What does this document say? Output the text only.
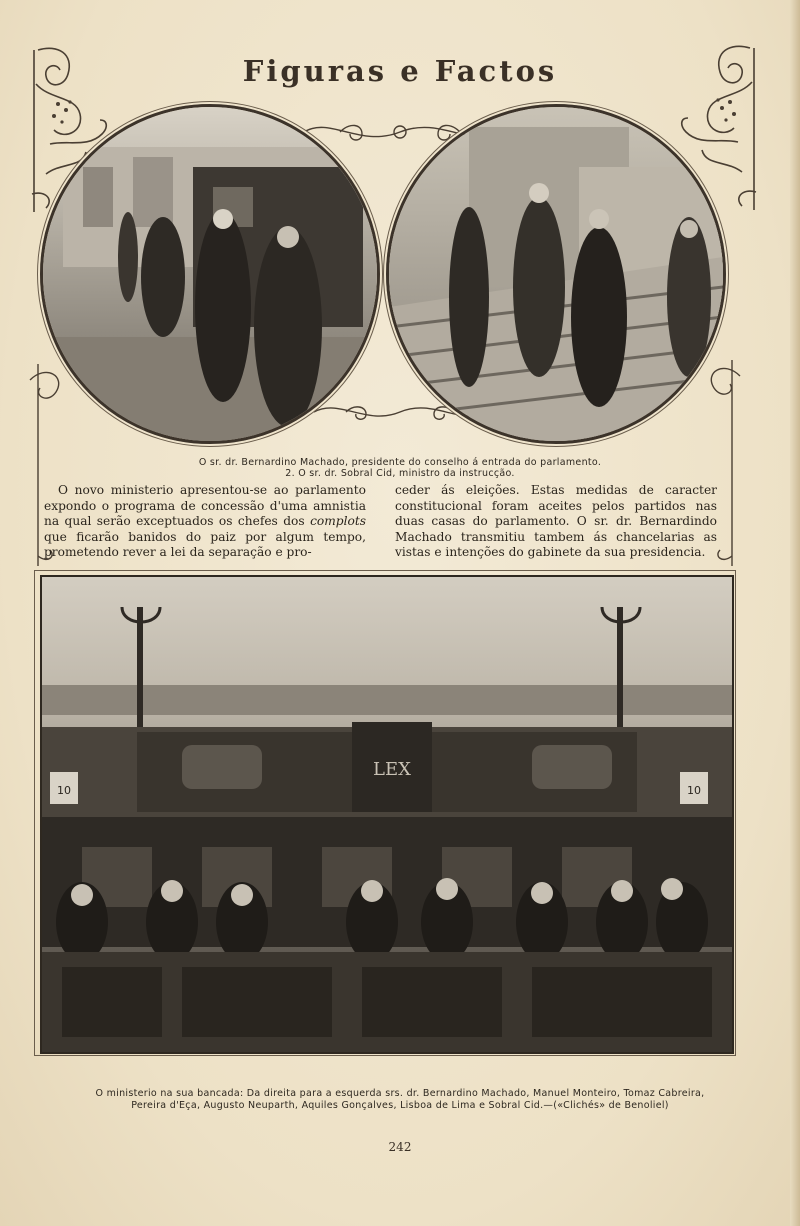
Figuras e Factos
O sr. dr. Bernardino Machado, presidente do conselho á entrada do parlamento.
2. O sr. dr. Sobral Cid, ministro da instrucção.

O novo ministerio apresentou-se ao parlamento expondo o programa de concessão d'uma amnistia na qual serão exceptuados os chefes dos complots que ficarão banidos do paiz por algum tempo, prometendo rever a lei da separação e pro-

ceder ás eleições. Estas medidas de caracter constitucional foram aceites pelos partidos nas duas casas do parlamento. O sr. dr. Bernardindo Machado transmitiu tambem ás chancelarias as vistas e intenções do gabinete da sua presidencia.

LEX
10	10
O ministerio na sua bancada: Da direita para a esquerda srs. dr. Bernardino Machado, Manuel Monteiro, Tomaz Cabreira,
Pereira d'Eça, Augusto Neuparth, Aquiles Gonçalves, Lisboa de Lima e Sobral Cid.—(«Clichés» de Benoliel)
242
